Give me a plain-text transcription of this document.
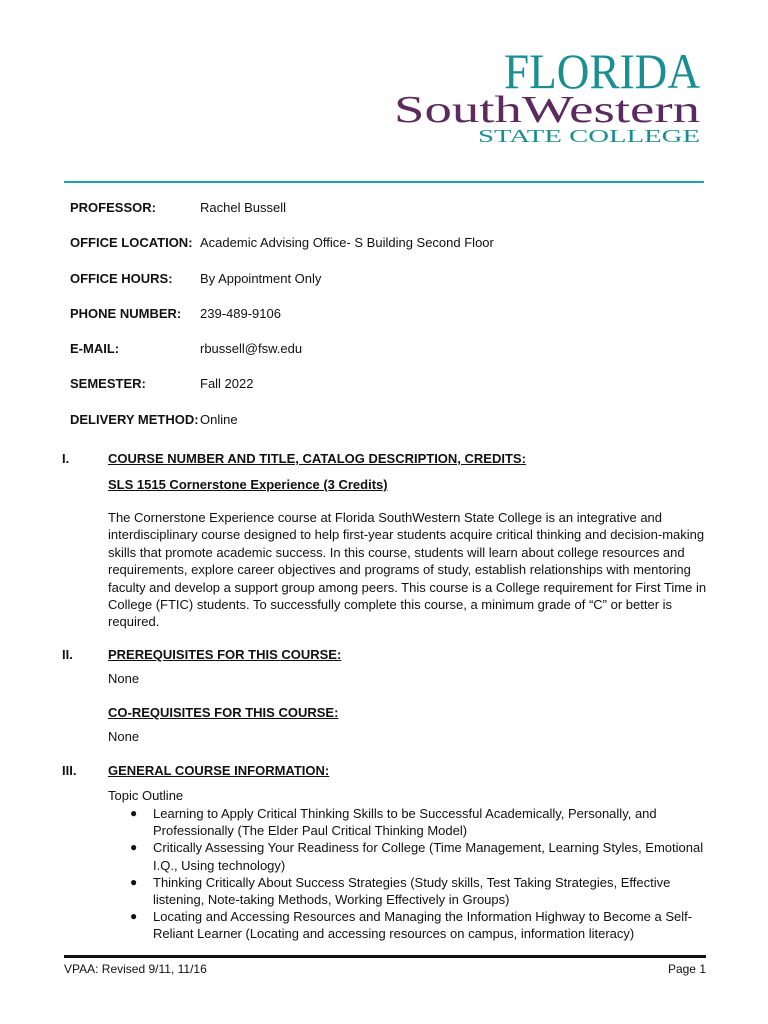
FLORIDA
SouthWestern
STATE COLLEGE
PROFESSOR:	Rachel Bussell
OFFICE LOCATION: Academic Advising Office- S Building Second Floor
OFFICE HOURS:	By Appointment Only
PHONE NUMBER:	239-489-9106
E-MAIL:	rbussell@fsw.edu
SEMESTER:	Fall 2022
DELIVERY METHOD: Online
I.	COURSE NUMBER AND TITLE, CATALOG DESCRIPTION, CREDITS:
SLS 1515 Cornerstone Experience (3 Credits)
The Cornerstone Experience course at Florida SouthWestern State College is an integrative and interdisciplinary course designed to help first-year students acquire critical thinking and decision-making skills that promote academic success. In this course, students will learn about college resources and requirements, explore career objectives and programs of study, establish relationships with mentoring faculty and develop a support group among peers. This course is a College requirement for First Time in College (FTIC) students. To successfully complete this course, a minimum grade of “C” or better is required.
II.	PREREQUISITES FOR THIS COURSE:
None
CO-REQUISITES FOR THIS COURSE:
None
III.	GENERAL COURSE INFORMATION:
Topic Outline
● Learning to Apply Critical Thinking Skills to be Successful Academically, Personally, and Professionally (The Elder Paul Critical Thinking Model)
● Critically Assessing Your Readiness for College (Time Management, Learning Styles, Emotional I.Q., Using technology)
● Thinking Critically About Success Strategies (Study skills, Test Taking Strategies, Effective listening, Note-taking Methods, Working Effectively in Groups)
● Locating and Accessing Resources and Managing the Information Highway to Become a Self-Reliant Learner (Locating and accessing resources on campus, information literacy)
VPAA: Revised 9/11, 11/16	Page 1
